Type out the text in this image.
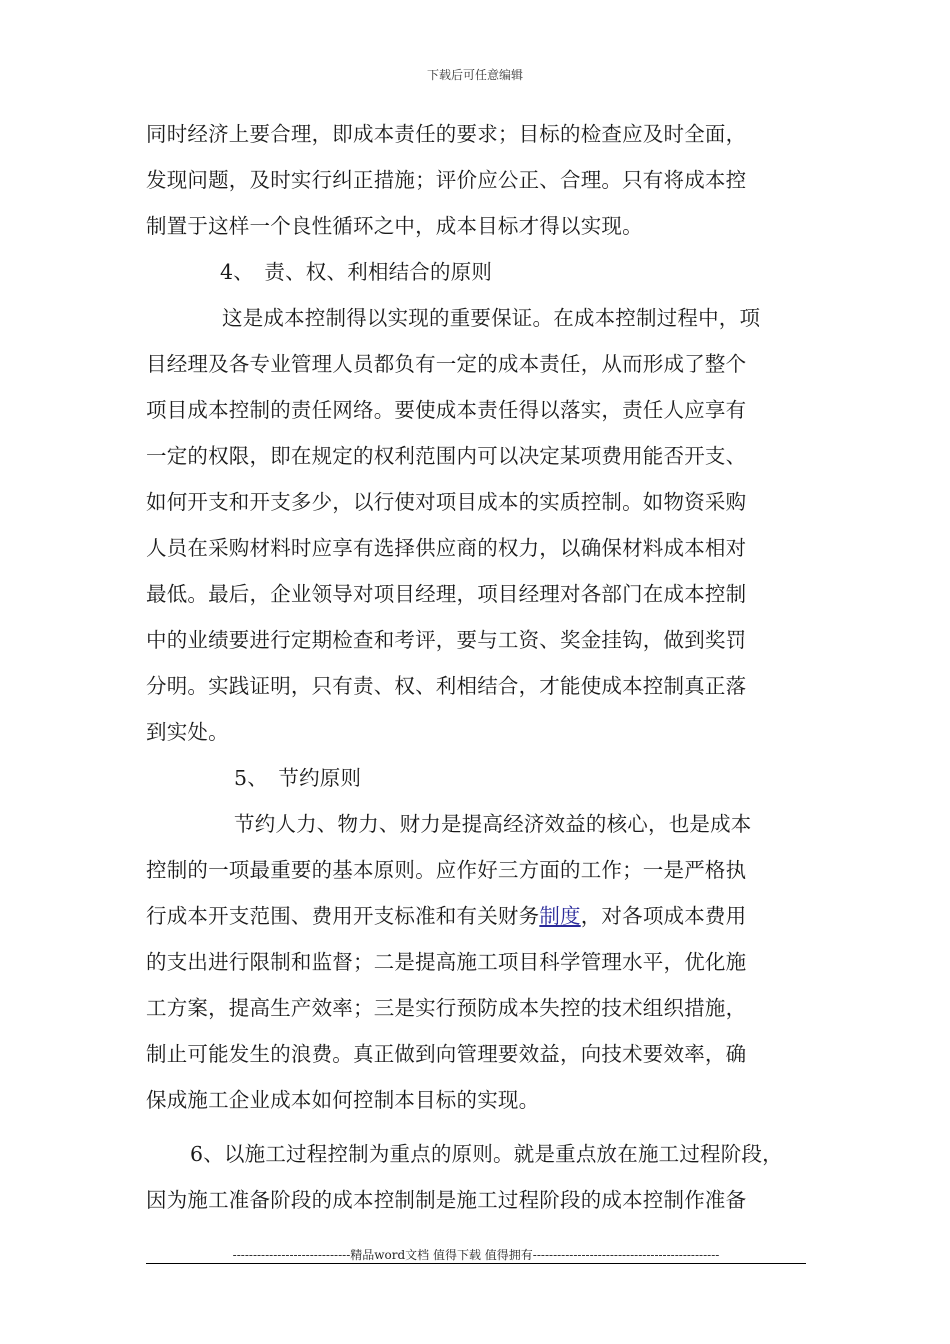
下载后可任意编辑
同时经济上要合理，即成本责任的要求；目标的检查应及时全面，
发现问题，及时实行纠正措施；评价应公正、合理。只有将成本控
制置于这样一个良性循环之中，成本目标才得以实现。
4、　责、权、利相结合的原则
这是成本控制得以实现的重要保证。在成本控制过程中，项
目经理及各专业管理人员都负有一定的成本责任，从而形成了整个
项目成本控制的责任网络。要使成本责任得以落实，责任人应享有
一定的权限，即在规定的权利范围内可以决定某项费用能否开支、
如何开支和开支多少，以行使对项目成本的实质控制。如物资采购
人员在采购材料时应享有选择供应商的权力，以确保材料成本相对
最低。最后，企业领导对项目经理，项目经理对各部门在成本控制
中的业绩要进行定期检查和考评，要与工资、奖金挂钩，做到奖罚
分明。实践证明，只有责、权、利相结合，才能使成本控制真正落
到实处。
5、　节约原则
节约人力、物力、财力是提高经济效益的核心，也是成本
控制的一项最重要的基本原则。应作好三方面的工作；一是严格执
行成本开支范围、费用开支标准和有关财务制度，对各项成本费用
的支出进行限制和监督；二是提高施工项目科学管理水平，优化施
工方案，提高生产效率；三是实行预防成本失控的技术组织措施，
制止可能发生的浪费。真正做到向管理要效益，向技术要效率，确
保成施工企业成本如何控制本目标的实现。
6、以施工过程控制为重点的原则。就是重点放在施工过程阶段，
因为施工准备阶段的成本控制制是施工过程阶段的成本控制作准备
-----------------------------精品word文档 值得下载 值得拥有----------------------------------------------
